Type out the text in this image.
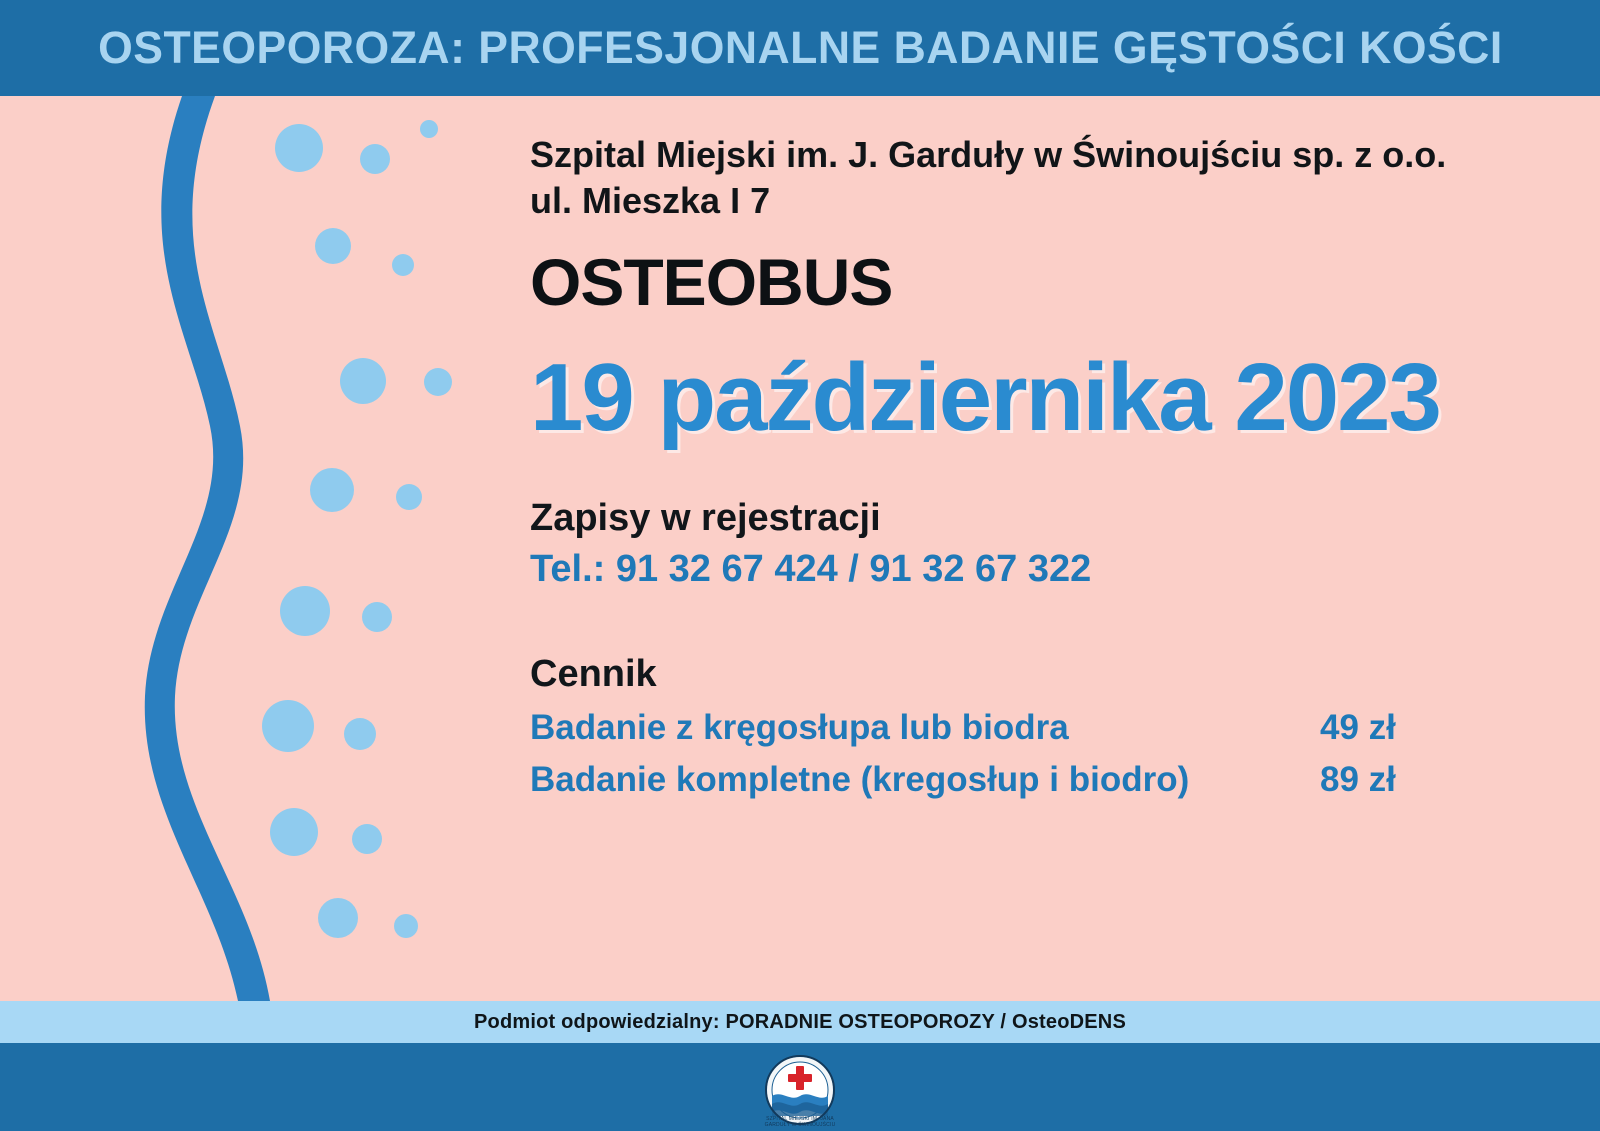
OSTEOPOROZA: PROFESJONALNE BADANIE GĘSTOŚCI KOŚCI
Szpital Miejski im. J. Garduły w Świnoujściu sp. z o.o.
ul. Mieszka I 7
OSTEOBUS
19 października 2023
Zapisy w rejestracji
Tel.: 91 32 67 424 / 91 32 67 322
Cennik
Badanie z kręgosłupa lub biodra	49 zł
Badanie kompletne (kregosłup i biodro)	89 zł
Podmiot odpowiedzialny: PORADNIE OSTEOPOROZY / OsteoDENS
SZPITAL MIEJSKI IM. JANA GARDUŁY W ŚWINOUJŚCIU
